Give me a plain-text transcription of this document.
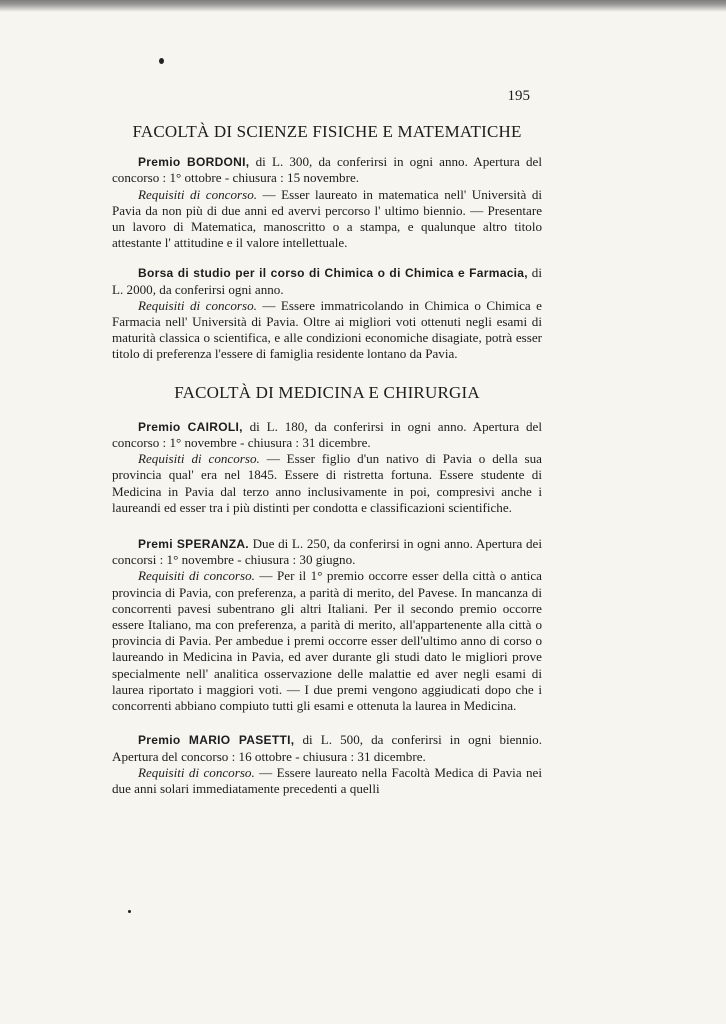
195
FACOLTÀ DI SCIENZE FISICHE E MATEMATICHE

Premio BORDONI, di L. 300, da conferirsi in ogni anno. Apertura del concorso : 1° ottobre - chiusura : 15 novembre.

Requisiti di concorso. — Esser laureato in matematica nell' Università di Pavia da non più di due anni ed avervi percorso l' ultimo biennio. — Presentare un lavoro di Matematica, manoscritto o a stampa, e qualunque altro titolo attestante l' attitudine e il valore intellettuale.

Borsa di studio per il corso di Chimica o di Chimica e Farmacia, di L. 2000, da conferirsi ogni anno.

Requisiti di concorso. — Essere immatricolando in Chimica o Chimica e Farmacia nell' Università di Pavia. Oltre ai migliori voti ottenuti negli esami di maturità classica o scientifica, e alle condizioni economiche disagiate, potrà esser titolo di preferenza l'essere di famiglia residente lontano da Pavia.

FACOLTÀ DI MEDICINA E CHIRURGIA

Premio CAIROLI, di L. 180, da conferirsi in ogni anno. Apertura del concorso : 1° novembre - chiusura : 31 dicembre.

Requisiti di concorso. — Esser figlio d'un nativo di Pavia o della sua provincia qual' era nel 1845. Essere di ristretta fortuna. Essere studente di Medicina in Pavia dal terzo anno inclusivamente in poi, compresivi anche i laureandi ed esser tra i più distinti per condotta e classificazioni scientifiche.

Premi SPERANZA. Due di L. 250, da conferirsi in ogni anno. Apertura dei concorsi : 1° novembre - chiusura : 30 giugno.

Requisiti di concorso. — Per il 1° premio occorre esser della città o antica provincia di Pavia, con preferenza, a parità di merito, del Pavese. In mancanza di concorrenti pavesi subentrano gli altri Italiani. Per il secondo premio occorre essere Italiano, ma con preferenza, a parità di merito, all'appartenente alla città o provincia di Pavia. Per ambedue i premi occorre esser dell'ultimo anno di corso o laureando in Medicina in Pavia, ed aver durante gli studi dato le migliori prove specialmente nell' analitica osservazione delle malattie ed aver negli esami di laurea riportato i maggiori voti. — I due premi vengono aggiudicati dopo che i concorrenti abbiano compiuto tutti gli esami e ottenuta la laurea in Medicina.

Premio MARIO PASETTI, di L. 500, da conferirsi in ogni biennio. Apertura del concorso : 16 ottobre - chiusura : 31 dicembre.

Requisiti di concorso. — Essere laureato nella Facoltà Medica di Pavia nei due anni solari immediatamente precedenti a quelli
